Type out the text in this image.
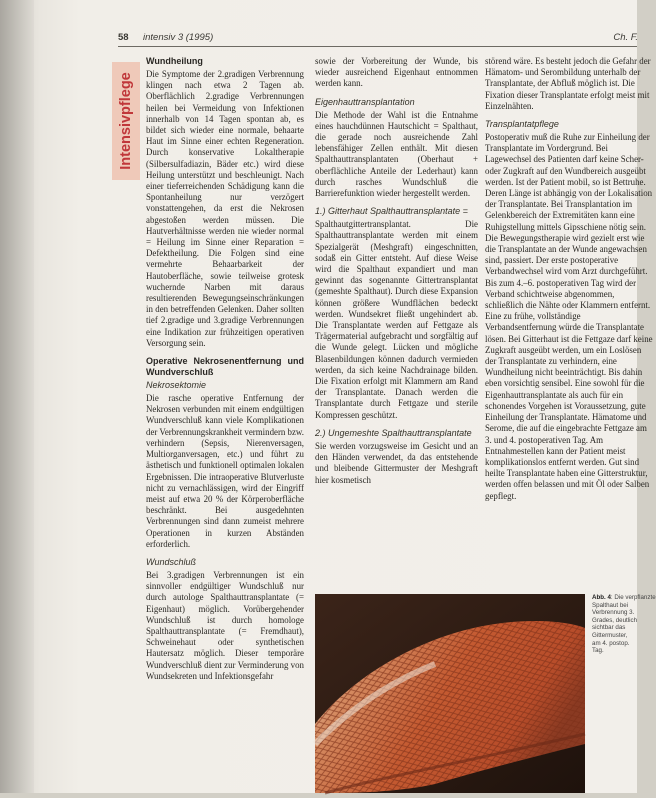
58 intensiv 3 (1995)	Ch. F.
Intensivpflege
Wundheilung

Die Symptome der 2.gradigen Verbrennung klingen nach etwa 2 Tagen ab. Oberflächlich 2.gradige Verbrennungen heilen bei Vermeidung von Infektionen innerhalb von 14 Tagen spontan ab, es bildet sich wieder eine normale, behaarte Haut im Sinne einer echten Regeneration. Durch konservative Lokaltherapie (Silbersulfadiazin, Bäder etc.) wird diese Heilung unterstützt und beschleunigt. Nach einer tieferreichenden Schädigung kann die Spontanheilung nur verzögert vonstattengehen, da erst die Nekrosen abgestoßen werden müssen. Die Hautverhältnisse werden nie wieder normal = Heilung im Sinne einer Reparation = Defektheilung. Die Folgen sind eine vermehrte Behaarbarkeit der Hautoberfläche, sowie teilweise grotesk wuchernde Narben mit daraus resultierenden Bewegungseinschränkungen in den betreffenden Gelenken. Daher sollten tief 2.gradige und 3.gradige Verbrennungen eine Indikation zur frühzeitigen operativen Versorgung sein.

Operative Nekrosenentfernung und Wundverschluß
Nekrosektomie

Die rasche operative Entfernung der Nekrosen verbunden mit einem endgültigen Wundverschluß kann viele Komplikationen der Verbrennungskrankheit vermindern bzw. verhindern (Sepsis, Nierenversagen, Multiorganversagen, etc.) und führt zu ästhetisch und funktionell optimalen lokalen Ergebnissen. Die intraoperative Blutverluste nicht zu vernachlässigen, wird der Eingriff meist auf etwa 20 % der Körperoberfläche beschränkt. Bei ausgedehnten Verbrennungen sind dann zumeist mehrere Operationen in kurzen Abständen erforderlich.

Wundschluß

Bei 3.gradigen Verbrennungen ist ein sinnvoller endgültiger Wundschluß nur durch autologe Spalthauttransplantate (= Eigenhaut) möglich. Vorübergehender Wundschluß ist durch homologe Spalthauttransplantate (= Fremdhaut), Schweinehaut oder synthetischen Hautersatz möglich. Dieser temporäre Wundverschluß dient zur Verminderung von Wundsekreten und Infektionsgefahr

sowie der Vorbereitung der Wunde, bis wieder ausreichend Eigenhaut entnommen werden kann.

Eigenhauttransplantation

Die Methode der Wahl ist die Entnahme eines hauchdünnen Hautschicht = Spalthaut, die gerade noch ausreichende Zahl lebensfähiger Zellen enthält. Mit diesen Spalthauttransplantaten (Oberhaut + oberflächliche Anteile der Lederhaut) kann durch rasches Wundschluß die Barrierefunktion wieder hergestellt werden.

1.) Gitterhaut Spalthauttransplantate =

Spalthautgittertransplantat. Die Spalthauttransplantate werden mit einem Spezialgerät (Meshgraft) eingeschnitten, sodaß ein Gitter entsteht. Auf diese Weise wird die Spalthaut expandiert und man gewinnt das sogenannte Gittertransplantat (gemeshte Spalthaut). Durch diese Expansion können größere Wundflächen bedeckt werden. Wundsekret fließt ungehindert ab. Die Transplantate werden auf Fettgaze als Trägermaterial aufgebracht und sorgfältig auf die Wunde gelegt. Lücken und mögliche Blasenbildungen können dadurch vermieden werden, da sich keine Nachdrainage bilden. Die Fixation erfolgt mit Klammern am Rand der Transplantate. Danach werden die Transplantate durch Fettgaze und sterile Kompressen geschützt.

2.) Ungemeshte Spalthauttransplantate

Sie werden vorzugsweise im Gesicht und an den Händen verwendet, da das entstehende und bleibende Gittermuster der Meshgraft hier kosmetisch

störend wäre. Es besteht jedoch die Gefahr der Hämatom- und Serombildung unterhalb der Transplantate, der Abfluß möglich ist. Die Fixation dieser Transplantate erfolgt meist mit Einzelnähten.

Transplantatpflege

Postoperativ muß die Ruhe zur Einheilung der Transplantate im Vordergrund. Bei Lagewechsel des Patienten darf keine Scher- oder Zugkraft auf den Wundbereich ausgeübt werden. Ist der Patient mobil, so ist Bettruhe. Deren Länge ist abhängig von der Lokalisation der Transplantate. Bei Transplantation im Gelenkbereich der Extremitäten kann eine Ruhigstellung mittels Gipsschiene nötig sein. Die Bewegungstherapie wird gezielt erst wie die Transplantate an der Wunde angewachsen sind, passiert. Der erste postoperative Verbandwechsel wird vom Arzt durchgeführt. Bis zum 4.–6. postoperativen Tag wird der Verband schichtweise abgenommen, schließlich die Nähte oder Klammern entfernt. Eine zu frühe, vollständige Verbandsentfernung würde die Transplantate lösen. Bei Gitterhaut ist die Fettgaze darf keine Zugkraft ausgeübt werden, um ein Loslösen der Transplantate zu verhindern, eine Wundheilung nicht beeinträchtigt. Bis dahin eben vorsichtig sensibel. Eine sowohl für die Eigenhauttransplantate als auch für ein schonendes Vorgehen ist Voraussetzung, gute Einheilung der Transplantate. Hämatome und Serome, die auf die eingebrachte Fettgaze am 3. und 4. postoperativen Tag. Am Entnahmestellen kann der Patient meist komplikationslos entfernt werden. Gut sind heilte Transplantate haben eine Gitterstruktur, werden offen belassen und mit Öl oder Salben gepflegt.

Abb. 4: Die verpflanzte
Spalthaut bei
Verbrennung 3.
Grades, deutlich
sichtbar das
Gittermuster,
am 4. postop.
Tag.
